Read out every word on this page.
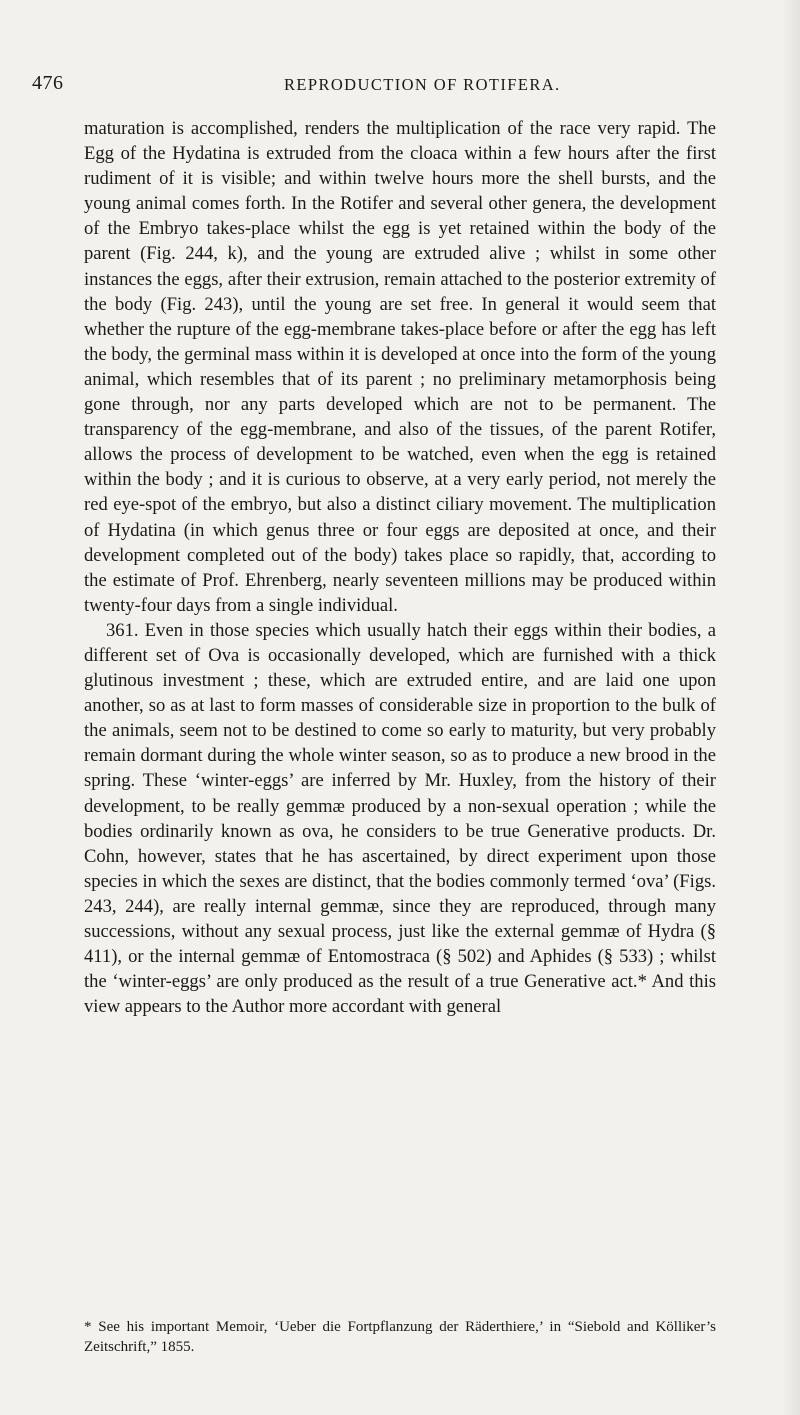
476	REPRODUCTION OF ROTIFERA.

maturation is accomplished, renders the multiplication of the race very rapid. The Egg of the Hydatina is extruded from the cloaca within a few hours after the first rudiment of it is visible; and within twelve hours more the shell bursts, and the young animal comes forth. In the Rotifer and several other genera, the development of the Embryo takes-place whilst the egg is yet retained within the body of the parent (Fig. 244, k), and the young are extruded alive ; whilst in some other instances the eggs, after their extrusion, remain attached to the posterior extremity of the body (Fig. 243), until the young are set free. In general it would seem that whether the rupture of the egg-membrane takes-place before or after the egg has left the body, the germinal mass within it is developed at once into the form of the young animal, which resembles that of its parent ; no preliminary metamorphosis being gone through, nor any parts developed which are not to be permanent. The transparency of the egg-membrane, and also of the tissues, of the parent Rotifer, allows the process of development to be watched, even when the egg is retained within the body ; and it is curious to observe, at a very early period, not merely the red eye-spot of the embryo, but also a distinct ciliary movement. The multiplication of Hydatina (in which genus three or four eggs are deposited at once, and their development completed out of the body) takes place so rapidly, that, according to the estimate of Prof. Ehrenberg, nearly seventeen millions may be produced within twenty-four days from a single individual.

361. Even in those species which usually hatch their eggs within their bodies, a different set of Ova is occasionally developed, which are furnished with a thick glutinous investment ; these, which are extruded entire, and are laid one upon another, so as at last to form masses of considerable size in proportion to the bulk of the animals, seem not to be destined to come so early to maturity, but very probably remain dormant during the whole winter season, so as to produce a new brood in the spring. These ‘winter-eggs’ are inferred by Mr. Huxley, from the history of their development, to be really gemmæ produced by a non-sexual operation ; while the bodies ordinarily known as ova, he considers to be true Generative products. Dr. Cohn, however, states that he has ascertained, by direct experiment upon those species in which the sexes are distinct, that the bodies commonly termed ‘ova’ (Figs. 243, 244), are really internal gemmæ, since they are reproduced, through many successions, without any sexual process, just like the external gemmæ of Hydra (§ 411), or the internal gemmæ of Entomostraca (§ 502) and Aphides (§ 533) ; whilst the ‘winter-eggs’ are only produced as the result of a true Generative act.* And this view appears to the Author more accordant with general

* See his important Memoir, ‘Ueber die Fortpflanzung der Räderthiere,’ in “Siebold and Kölliker’s Zeitschrift,” 1855.
